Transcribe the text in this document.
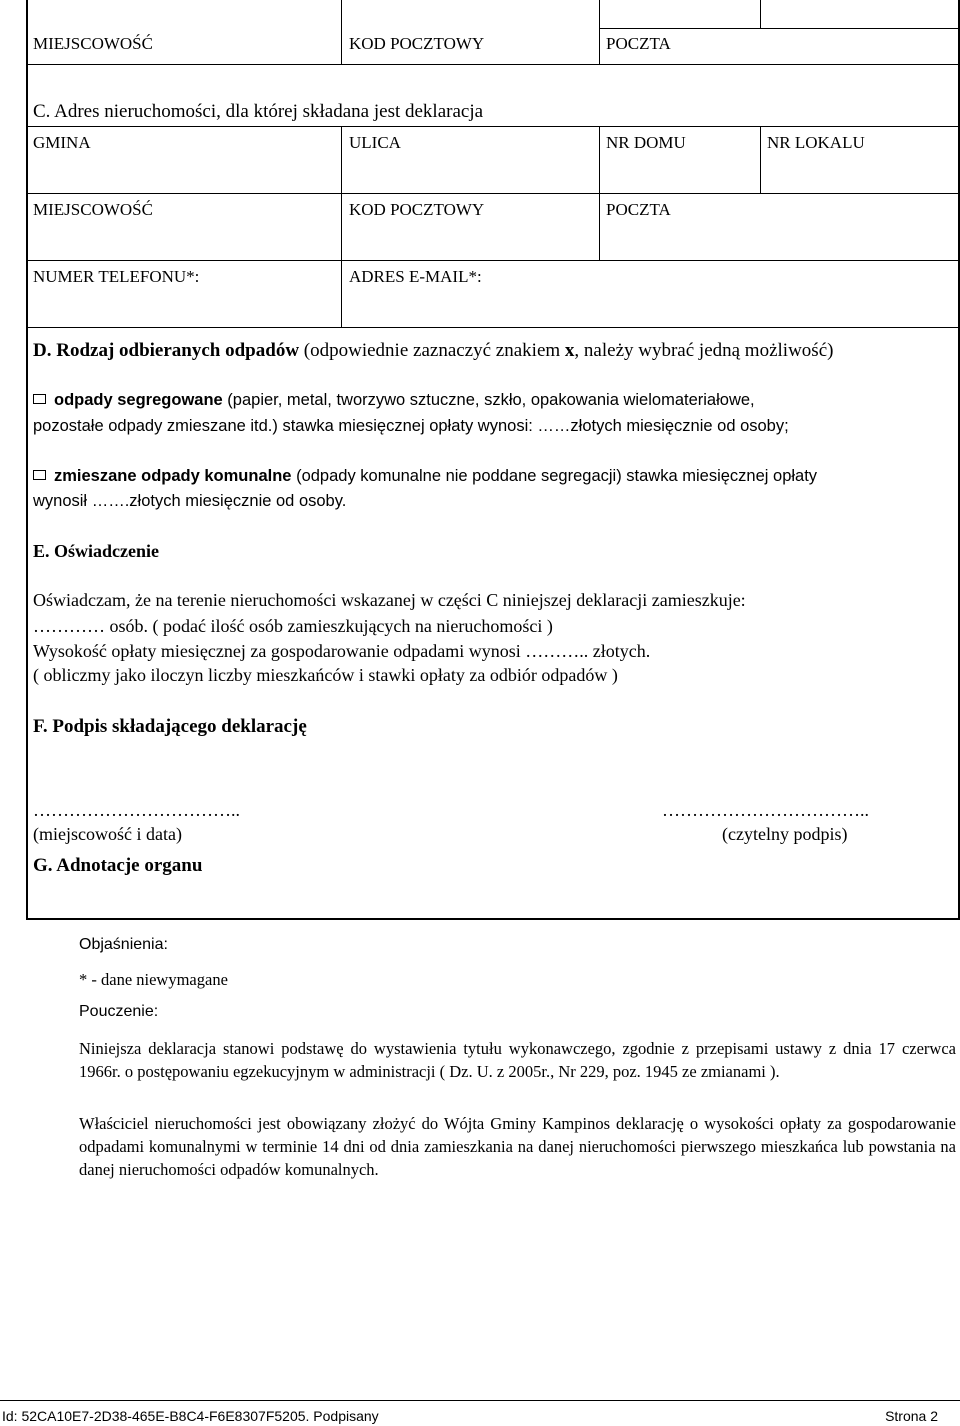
MIEJSCOWOŚĆ	KOD POCZTOWY	POCZTA
C. Adres nieruchomości, dla której składana jest deklaracja
GMINA	ULICA	NR DOMU	NR LOKALU
MIEJSCOWOŚĆ	KOD POCZTOWY	POCZTA
NUMER TELEFONU*:	ADRES E-MAIL*:
D. Rodzaj odbieranych odpadów (odpowiednie zaznaczyć znakiem x, należy wybrać jedną możliwość)
odpady segregowane (papier, metal, tworzywo sztuczne, szkło, opakowania wielomateriałowe,
pozostałe odpady zmieszane itd.) stawka miesięcznej opłaty wynosi: ……złotych miesięcznie od osoby;
zmieszane odpady komunalne (odpady komunalne nie poddane segregacji) stawka miesięcznej opłaty
wynosił …….złotych miesięcznie od osoby.
E. Oświadczenie
Oświadczam, że na terenie nieruchomości wskazanej w części C niniejszej deklaracji zamieszkuje:
………… osób. ( podać ilość osób zamieszkujących na nieruchomości )
Wysokość opłaty miesięcznej za gospodarowanie odpadami wynosi ……….. złotych.
( obliczmy jako iloczyn liczby mieszkańców i stawki opłaty za odbiór odpadów )
F. Podpis składającego deklarację
……………………………..	……………………………..
(miejscowość i data)	(czytelny podpis)
G. Adnotacje organu
Objaśnienia:
* - dane niewymagane
Pouczenie:
Niniejsza deklaracja stanowi podstawę do wystawienia tytułu wykonawczego, zgodnie z przepisami ustawy z dnia 17 czerwca 1966r. o postępowaniu egzekucyjnym w administracji ( Dz. U. z 2005r., Nr 229, poz. 1945 ze zmianami ).
Właściciel nieruchomości jest obowiązany złożyć do Wójta Gminy Kampinos deklarację o wysokości opłaty za gospodarowanie odpadami komunalnymi w terminie 14 dni od dnia zamieszkania na danej nieruchomości pierwszego mieszkańca lub powstania na danej nieruchomości odpadów komunalnych.
Id: 52CA10E7-2D38-465E-B8C4-F6E8307F5205. Podpisany	Strona 2
